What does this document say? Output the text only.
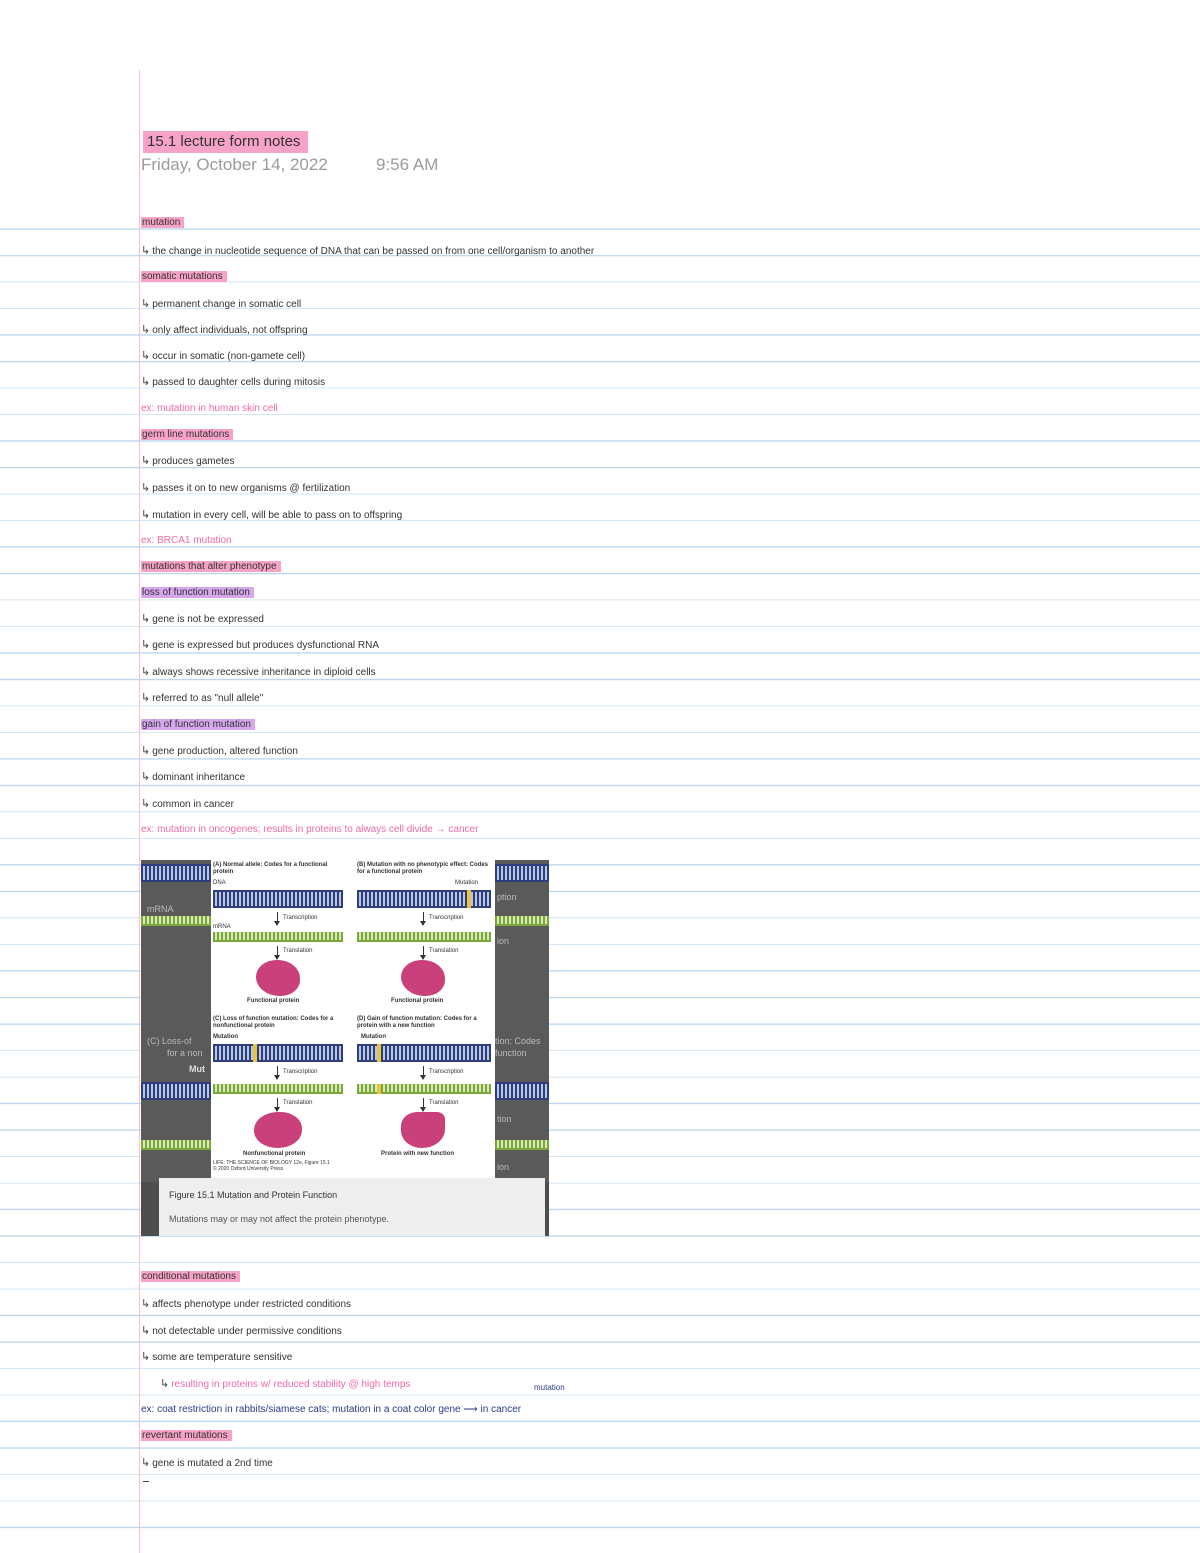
15.1 lecture form notes
Friday, October 14, 2022	9:56 AM
mutation
↳ the change in nucleotide sequence of DNA that can be passed on from one cell/organism to another
somatic mutations
↳ permanent change in somatic cell
↳ only affect individuals, not offspring
↳ occur in somatic (non-gamete cell)
↳ passed to daughter cells during mitosis
ex: mutation in human skin cell
germ line mutations
↳ produces gametes
↳ passes it on to new organisms @ fertilization
↳ mutation in every cell, will be able to pass on to offspring
ex: BRCA1 mutation
mutations that alter phenotype
loss of function mutation
↳ gene is not be expressed
↳ gene is expressed but produces dysfunctional RNA
↳ always shows recessive inheritance in diploid cells
↳ referred to as "null allele"
gain of function mutation
↳ gene production, altered function
↳ dominant inheritance
↳ common in cancer
ex: mutation in oncogenes; results in proteins to always cell divide → cancer
mRNA
(C) Loss-of
for a non
Mut
ption
ion
tion: Codes
function
tion
ion
(A) Normal allele: Codes for a functional protein
DNA
Transcription
mRNA
Translation
Functional protein
(B) Mutation with no phenotypic effect: Codes for a functional protein
Mutation
Transcription
Translation
Functional protein
(C) Loss of function mutation: Codes for a nonfunctional protein
Mutation
Transcription
Translation
Nonfunctional protein
LIFE: THE SCIENCE OF BIOLOGY 12e, Figure 15.1 © 2020 Oxford University Press
(D) Gain of function mutation: Codes for a protein with a new function
Mutation
Transcription
Translation
Protein with new function
Figure 15.1 Mutation and Protein Function
Mutations may or may not affect the protein phenotype.
conditional mutations
↳ affects phenotype under restricted conditions
↳ not detectable under permissive conditions
↳ some are temperature sensitive
↳ resulting in proteins w/ reduced stability @ high temps
ex: coat restriction in rabbits/siamese cats; mutation in a coat color gene ⟶ in cancer
revertant mutations
↳ gene is mutated a 2nd time
mutation
